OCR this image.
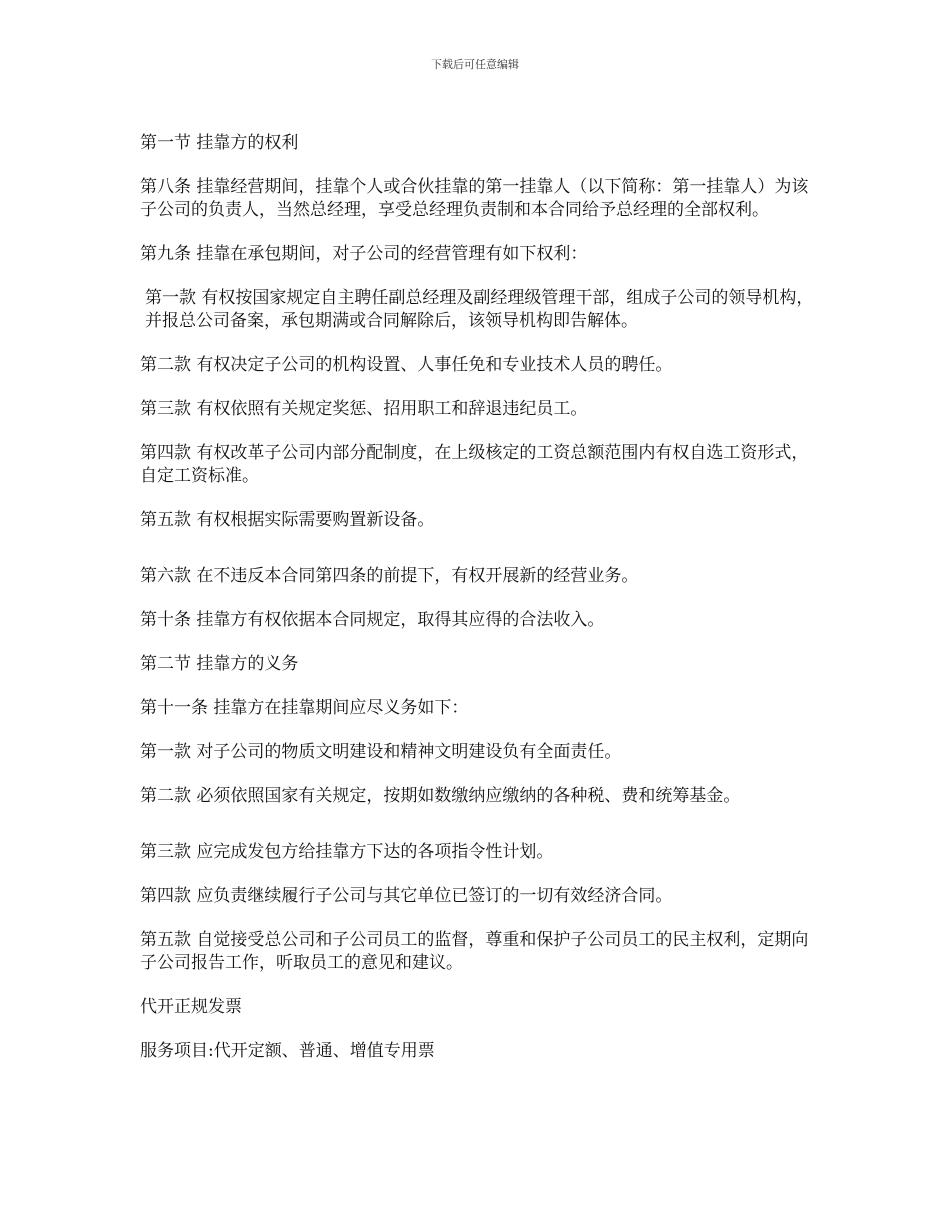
下载后可任意编辑

第一节 挂靠方的权利

第八条 挂靠经营期间，挂靠个人或合伙挂靠的第一挂靠人（以下简称：第一挂靠人）为该子公司的负责人，当然总经理，享受总经理负责制和本合同给予总经理的全部权利。

第九条 挂靠在承包期间，对子公司的经营管理有如下权利：

第一款 有权按国家规定自主聘任副总经理及副经理级管理干部，组成子公司的领导机构，并报总公司备案，承包期满或合同解除后，该领导机构即告解体。

第二款 有权决定子公司的机构设置、人事任免和专业技术人员的聘任。

第三款 有权依照有关规定奖惩、招用职工和辞退违纪员工。

第四款 有权改革子公司内部分配制度，在上级核定的工资总额范围内有权自选工资形式，自定工资标准。

第五款 有权根据实际需要购置新设备。

第六款 在不违反本合同第四条的前提下，有权开展新的经营业务。

第十条 挂靠方有权依据本合同规定，取得其应得的合法收入。

第二节 挂靠方的义务

第十一条 挂靠方在挂靠期间应尽义务如下：

第一款 对子公司的物质文明建设和精神文明建设负有全面责任。

第二款 必须依照国家有关规定，按期如数缴纳应缴纳的各种税、费和统筹基金。

第三款 应完成发包方给挂靠方下达的各项指令性计划。

第四款 应负责继续履行子公司与其它单位已签订的一切有效经济合同。

第五款 自觉接受总公司和子公司员工的监督，尊重和保护子公司员工的民主权利，定期向子公司报告工作，听取员工的意见和建议。

代开正规发票

服务项目:代开定额、普通、增值专用票
